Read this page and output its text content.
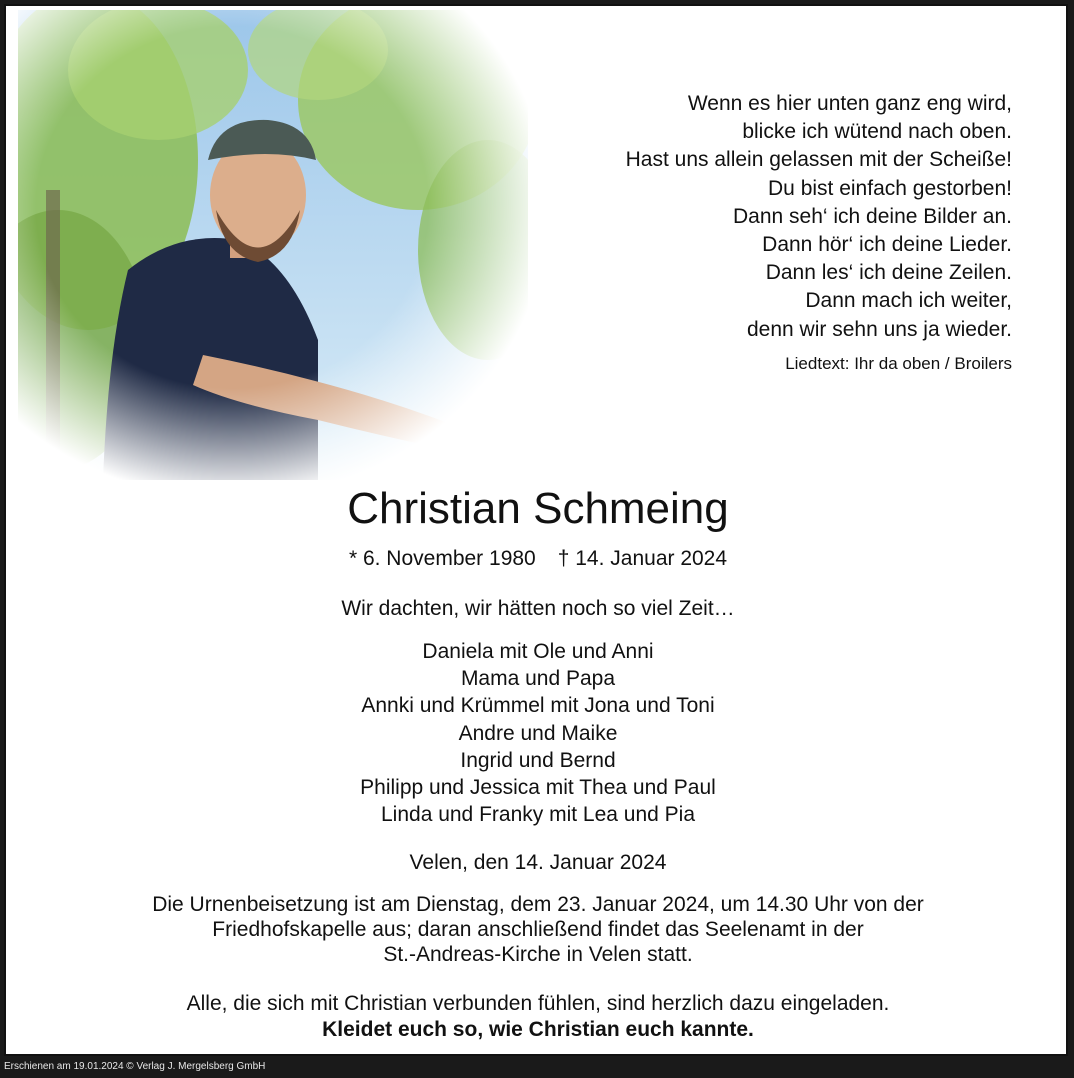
Wenn es hier unten ganz eng wird,
blicke ich wütend nach oben.
Hast uns allein gelassen mit der Scheiße!
Du bist einfach gestorben!
Dann seh‘ ich deine Bilder an.
Dann hör‘ ich deine Lieder.
Dann les‘ ich deine Zeilen.
Dann mach ich weiter,
denn wir sehn uns ja wieder.
Liedtext: Ihr da oben / Broilers
Christian Schmeing
* 6. November 1980 † 14. Januar 2024
Wir dachten, wir hätten noch so viel Zeit…
Daniela mit Ole und Anni
Mama und Papa
Annki und Krümmel mit Jona und Toni
Andre und Maike
Ingrid und Bernd
Philipp und Jessica mit Thea und Paul
Linda und Franky mit Lea und Pia
Velen, den 14. Januar 2024
Die Urnenbeisetzung ist am Dienstag, dem 23. Januar 2024, um 14.30 Uhr von der
Friedhofskapelle aus; daran anschließend findet das Seelenamt in der
St.-Andreas-Kirche in Velen statt.
Alle, die sich mit Christian verbunden fühlen, sind herzlich dazu eingeladen.
Kleidet euch so, wie Christian euch kannte.
Erschienen am 19.01.2024 © Verlag J. Mergelsberg GmbH
